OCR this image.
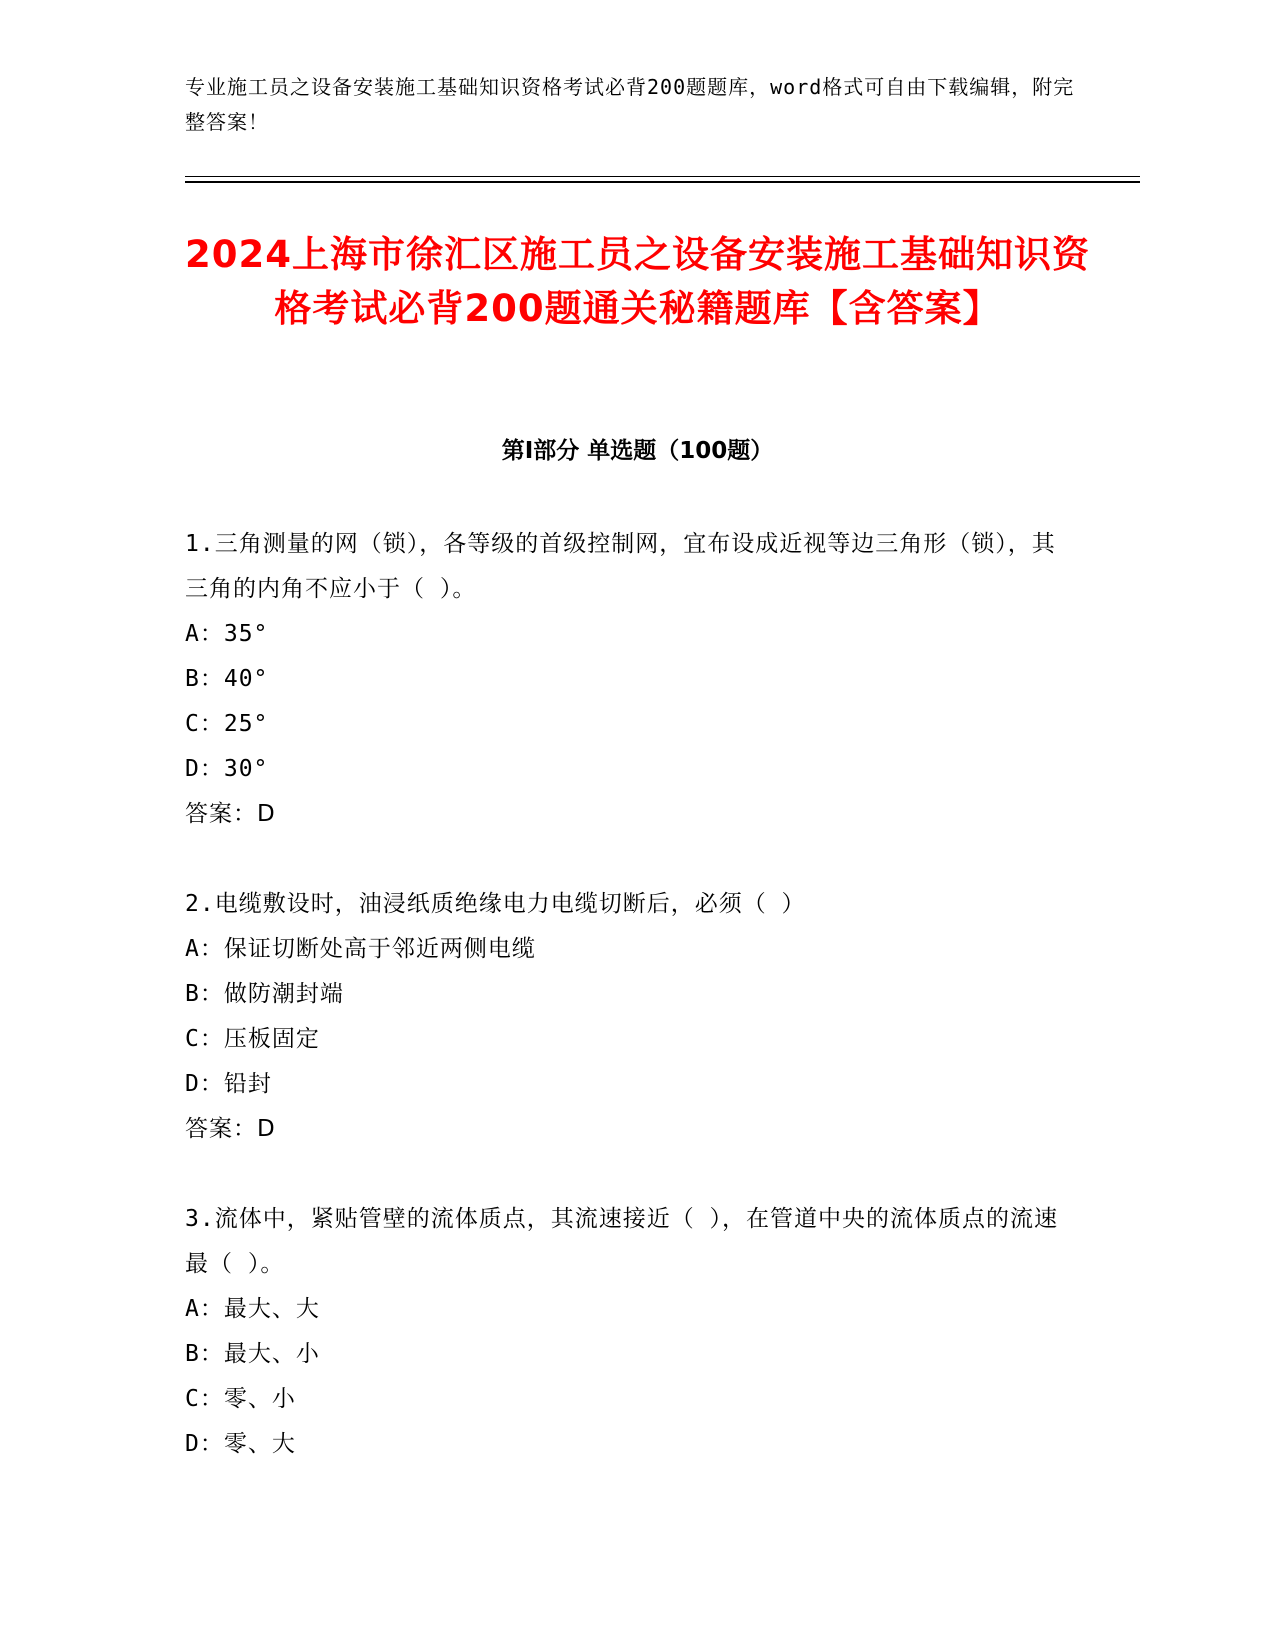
专业施工员之设备安装施工基础知识资格考试必背200题题库，word格式可自由下载编辑，附完整答案！
2024上海市徐汇区施工员之设备安装施工基础知识资格考试必背200题通关秘籍题库【含答案】
第Ⅰ部分 单选题（100题）
1.三角测量的网（锁），各等级的首级控制网，宜布设成近视等边三角形（锁），其三角的内角不应小于（ ）。
A：35°
B：40°
C：25°
D：30°
答案：D
2.电缆敷设时，油浸纸质绝缘电力电缆切断后，必须（ ）
A：保证切断处高于邻近两侧电缆
B：做防潮封端
C：压板固定
D：铅封
答案：D
3.流体中，紧贴管壁的流体质点，其流速接近（ ），在管道中央的流体质点的流速最（ ）。
A：最大、大
B：最大、小
C：零、小
D：零、大
